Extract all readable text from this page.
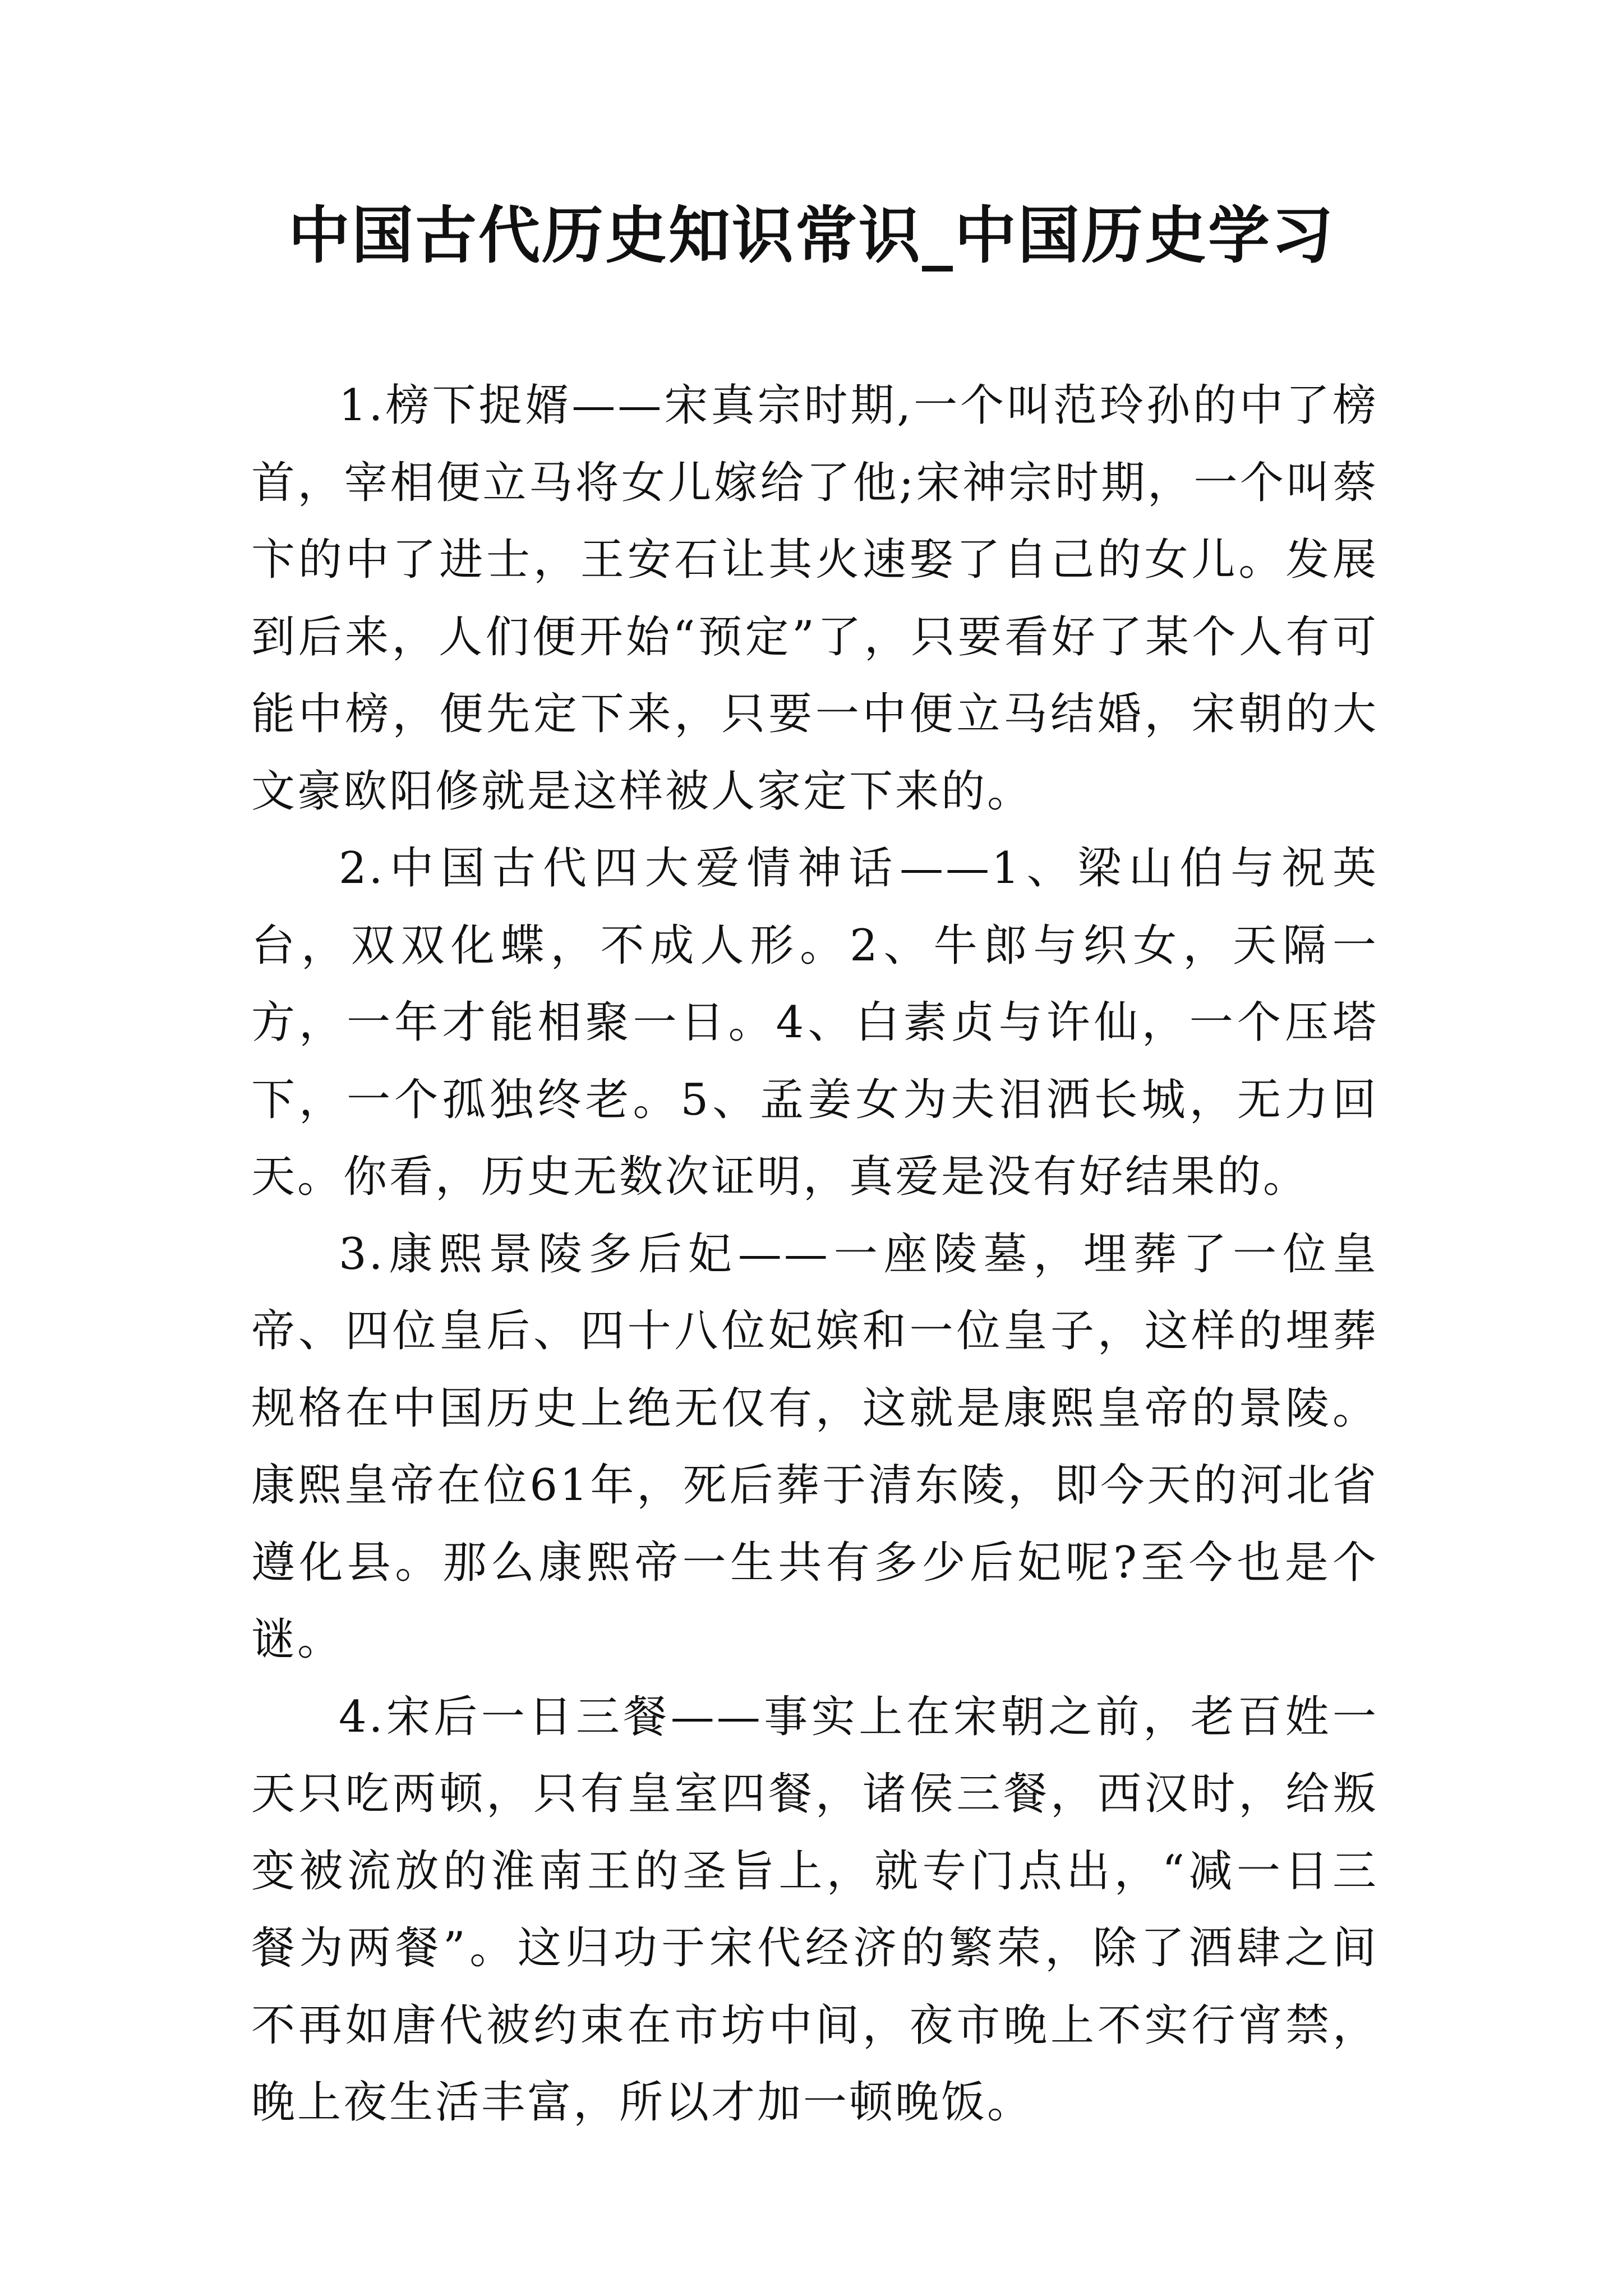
中国古代历史知识常识_中国历史学习

1.榜下捉婿——宋真宗时期,一个叫范玲孙的中了榜首，宰相便立马将女儿嫁给了他;宋神宗时期，一个叫蔡卞的中了进士，王安石让其火速娶了自己的女儿。发展到后来，人们便开始“预定”了，只要看好了某个人有可能中榜，便先定下来，只要一中便立马结婚，宋朝的大文豪欧阳修就是这样被人家定下来的。

2.中国古代四大爱情神话——1、梁山伯与祝英台，双双化蝶，不成人形。2、牛郎与织女，天隔一方，一年才能相聚一日。4、白素贞与许仙，一个压塔下，一个孤独终老。5、孟姜女为夫泪洒长城，无力回天。你看，历史无数次证明，真爱是没有好结果的。

3.康熙景陵多后妃——一座陵墓，埋葬了一位皇帝、四位皇后、四十八位妃嫔和一位皇子，这样的埋葬规格在中国历史上绝无仅有，这就是康熙皇帝的景陵。康熙皇帝在位61年，死后葬于清东陵，即今天的河北省遵化县。那么康熙帝一生共有多少后妃呢?至今也是个谜。

4.宋后一日三餐——事实上在宋朝之前，老百姓一天只吃两顿，只有皇室四餐，诸侯三餐，西汉时，给叛变被流放的淮南王的圣旨上，就专门点出，“减一日三餐为两餐”。这归功于宋代经济的繁荣，除了酒肆之间不再如唐代被约束在市坊中间，夜市晚上不实行宵禁，晚上夜生活丰富，所以才加一顿晚饭。
